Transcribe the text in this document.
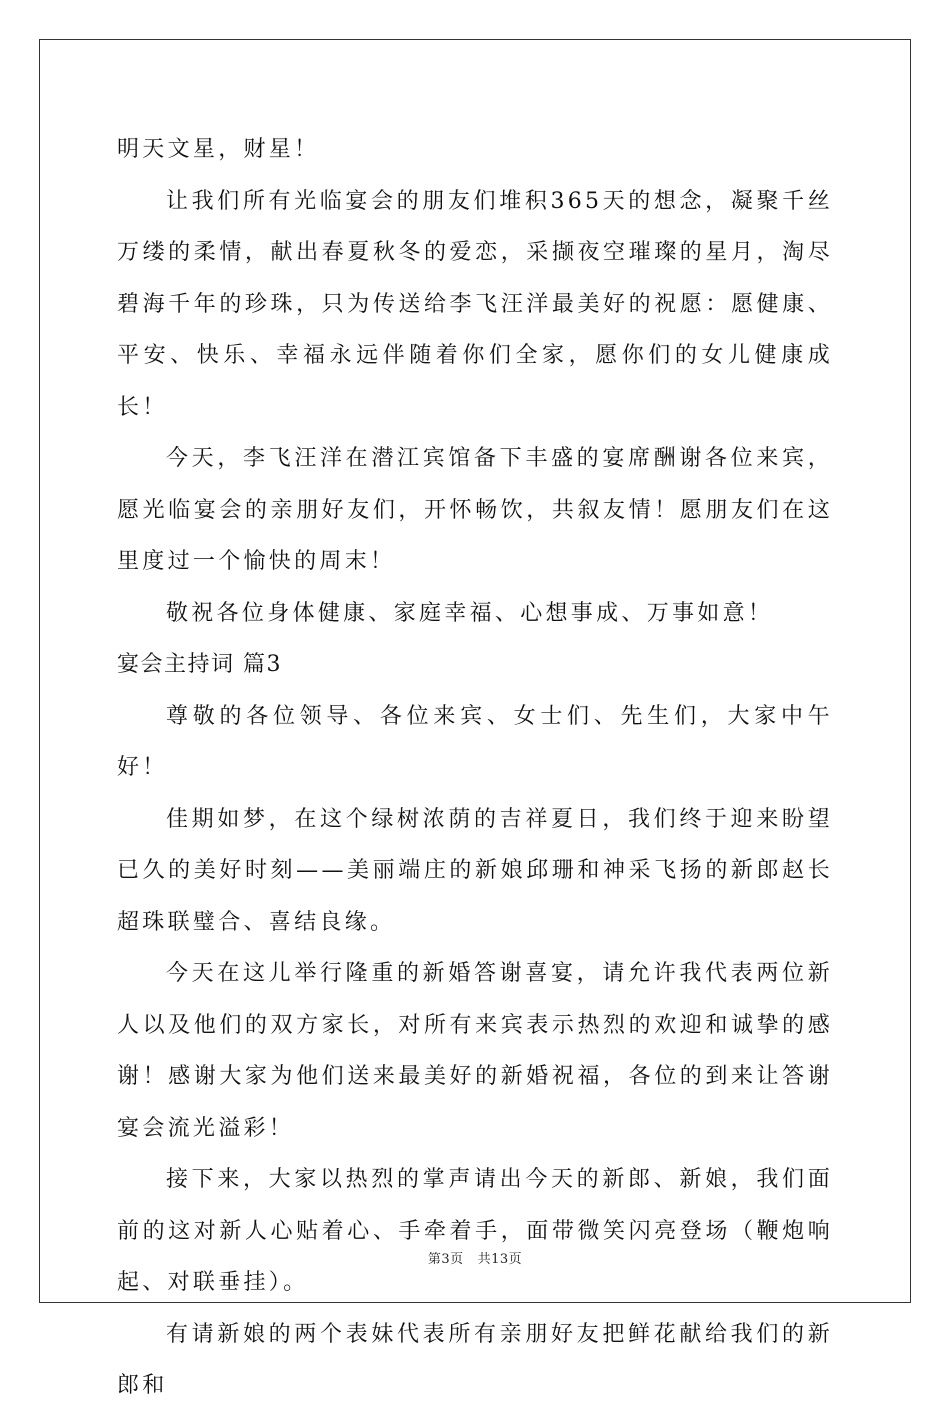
明天文星，财星！

让我们所有光临宴会的朋友们堆积365天的想念，凝聚千丝万缕的柔情，献出春夏秋冬的爱恋，采撷夜空璀璨的星月，淘尽碧海千年的珍珠，只为传送给李飞汪洋最美好的祝愿：愿健康、平安、快乐、幸福永远伴随着你们全家，愿你们的女儿健康成长！

今天，李飞汪洋在潜江宾馆备下丰盛的宴席酬谢各位来宾，愿光临宴会的亲朋好友们，开怀畅饮，共叙友情！愿朋友们在这里度过一个愉快的周末！

敬祝各位身体健康、家庭幸福、心想事成、万事如意！

宴会主持词 篇3

尊敬的各位领导、各位来宾、女士们、先生们，大家中午好！

佳期如梦，在这个绿树浓荫的吉祥夏日，我们终于迎来盼望已久的美好时刻——美丽端庄的新娘邱珊和神采飞扬的新郎赵长超珠联璧合、喜结良缘。

今天在这儿举行隆重的新婚答谢喜宴，请允许我代表两位新人以及他们的双方家长，对所有来宾表示热烈的欢迎和诚挚的感谢！感谢大家为他们送来最美好的新婚祝福，各位的到来让答谢宴会流光溢彩！

接下来，大家以热烈的掌声请出今天的新郎、新娘，我们面前的这对新人心贴着心、手牵着手，面带微笑闪亮登场（鞭炮响起、对联垂挂）。

有请新娘的两个表妹代表所有亲朋好友把鲜花献给我们的新郎和

第3页 共13页
